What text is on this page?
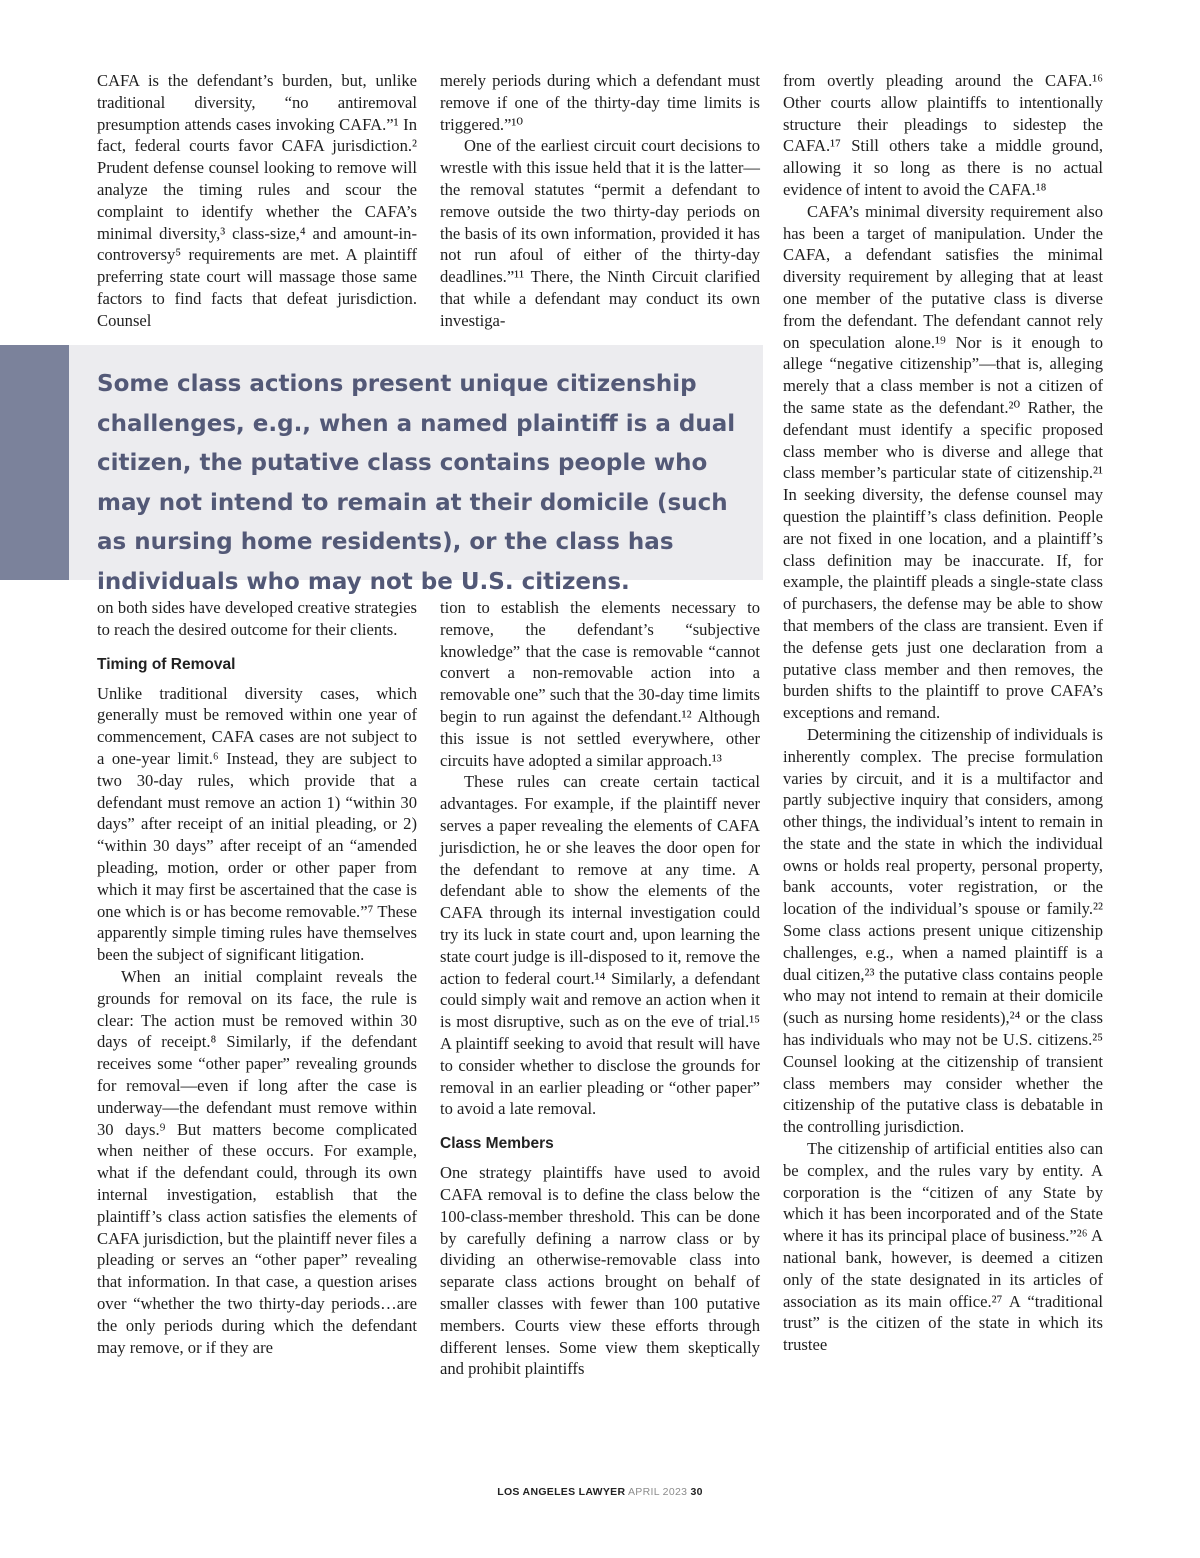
CAFA is the defendant’s burden, but, unlike traditional diversity, “no antiremoval presumption attends cases invoking CAFA.”¹ In fact, federal courts favor CAFA jurisdiction.² Prudent defense counsel looking to remove will analyze the timing rules and scour the complaint to identify whether the CAFA’s minimal diversity,³ class-size,⁴ and amount-in-controversy⁵ requirements are met. A plaintiff preferring state court will massage those same factors to find facts that defeat jurisdiction. Counsel

merely periods during which a defendant must remove if one of the thirty-day time limits is triggered.”¹⁰

One of the earliest circuit court decisions to wrestle with this issue held that it is the latter—the removal statutes “permit a defendant to remove outside the two thirty-day periods on the basis of its own information, provided it has not run afoul of either of the thirty-day deadlines.”¹¹ There, the Ninth Circuit clarified that while a defendant may conduct its own investiga-

Some class actions present unique citizenship challenges, e.g., when a named plaintiff is a dual citizen, the putative class contains people who may not intend to remain at their domicile (such as nursing home residents), or the class has individuals who may not be U.S. citizens.

on both sides have developed creative strategies to reach the desired outcome for their clients.

Timing of Removal

Unlike traditional diversity cases, which generally must be removed within one year of commencement, CAFA cases are not subject to a one-year limit.⁶ Instead, they are subject to two 30-day rules, which provide that a defendant must remove an action 1) “within 30 days” after receipt of an initial pleading, or 2) “within 30 days” after receipt of an “amended pleading, motion, order or other paper from which it may first be ascertained that the case is one which is or has become removable.”⁷ These apparently simple timing rules have themselves been the subject of significant litigation.

When an initial complaint reveals the grounds for removal on its face, the rule is clear: The action must be removed within 30 days of receipt.⁸ Similarly, if the defendant receives some “other paper” revealing grounds for removal—even if long after the case is underway—the defendant must remove within 30 days.⁹ But matters become complicated when neither of these occurs. For example, what if the defendant could, through its own internal investigation, establish that the plaintiff’s class action satisfies the elements of CAFA jurisdiction, but the plaintiff never files a pleading or serves an “other paper” revealing that information. In that case, a question arises over “whether the two thirty-day periods…are the only periods during which the defendant may remove, or if they are

tion to establish the elements necessary to remove, the defendant’s “subjective knowledge” that the case is removable “cannot convert a non-removable action into a removable one” such that the 30-day time limits begin to run against the defendant.¹² Although this issue is not settled everywhere, other circuits have adopted a similar approach.¹³

These rules can create certain tactical advantages. For example, if the plaintiff never serves a paper revealing the elements of CAFA jurisdiction, he or she leaves the door open for the defendant to remove at any time. A defendant able to show the elements of the CAFA through its internal investigation could try its luck in state court and, upon learning the state court judge is ill-disposed to it, remove the action to federal court.¹⁴ Similarly, a defendant could simply wait and remove an action when it is most disruptive, such as on the eve of trial.¹⁵ A plaintiff seeking to avoid that result will have to consider whether to disclose the grounds for removal in an earlier pleading or “other paper” to avoid a late removal.

Class Members

One strategy plaintiffs have used to avoid CAFA removal is to define the class below the 100-class-member threshold. This can be done by carefully defining a narrow class or by dividing an otherwise-removable class into separate class actions brought on behalf of smaller classes with fewer than 100 putative members. Courts view these efforts through different lenses. Some view them skeptically and prohibit plaintiffs

from overtly pleading around the CAFA.¹⁶ Other courts allow plaintiffs to intentionally structure their pleadings to sidestep the CAFA.¹⁷ Still others take a middle ground, allowing it so long as there is no actual evidence of intent to avoid the CAFA.¹⁸

CAFA’s minimal diversity requirement also has been a target of manipulation. Under the CAFA, a defendant satisfies the minimal diversity requirement by alleging that at least one member of the putative class is diverse from the defendant. The defendant cannot rely on speculation alone.¹⁹ Nor is it enough to allege “negative citizenship”—that is, alleging merely that a class member is not a citizen of the same state as the defendant.²⁰ Rather, the defendant must identify a specific proposed class member who is diverse and allege that class member’s particular state of citizenship.²¹ In seeking diversity, the defense counsel may question the plaintiff’s class definition. People are not fixed in one location, and a plaintiff’s class definition may be inaccurate. If, for example, the plaintiff pleads a single-state class of purchasers, the defense may be able to show that members of the class are transient. Even if the defense gets just one declaration from a putative class member and then removes, the burden shifts to the plaintiff to prove CAFA’s exceptions and remand.

Determining the citizenship of individuals is inherently complex. The precise formulation varies by circuit, and it is a multifactor and partly subjective inquiry that considers, among other things, the individual’s intent to remain in the state and the state in which the individual owns or holds real property, personal property, bank accounts, voter registration, or the location of the individual’s spouse or family.²² Some class actions present unique citizenship challenges, e.g., when a named plaintiff is a dual citizen,²³ the putative class contains people who may not intend to remain at their domicile (such as nursing home residents),²⁴ or the class has individuals who may not be U.S. citizens.²⁵ Counsel looking at the citizenship of transient class members may consider whether the citizenship of the putative class is debatable in the controlling jurisdiction.

The citizenship of artificial entities also can be complex, and the rules vary by entity. A corporation is the “citizen of any State by which it has been incorporated and of the State where it has its principal place of business.”²⁶ A national bank, however, is deemed a citizen only of the state designated in its articles of association as its main office.²⁷ A “traditional trust” is the citizen of the state in which its trustee

LOS ANGELES LAWYER APRIL 2023 30
